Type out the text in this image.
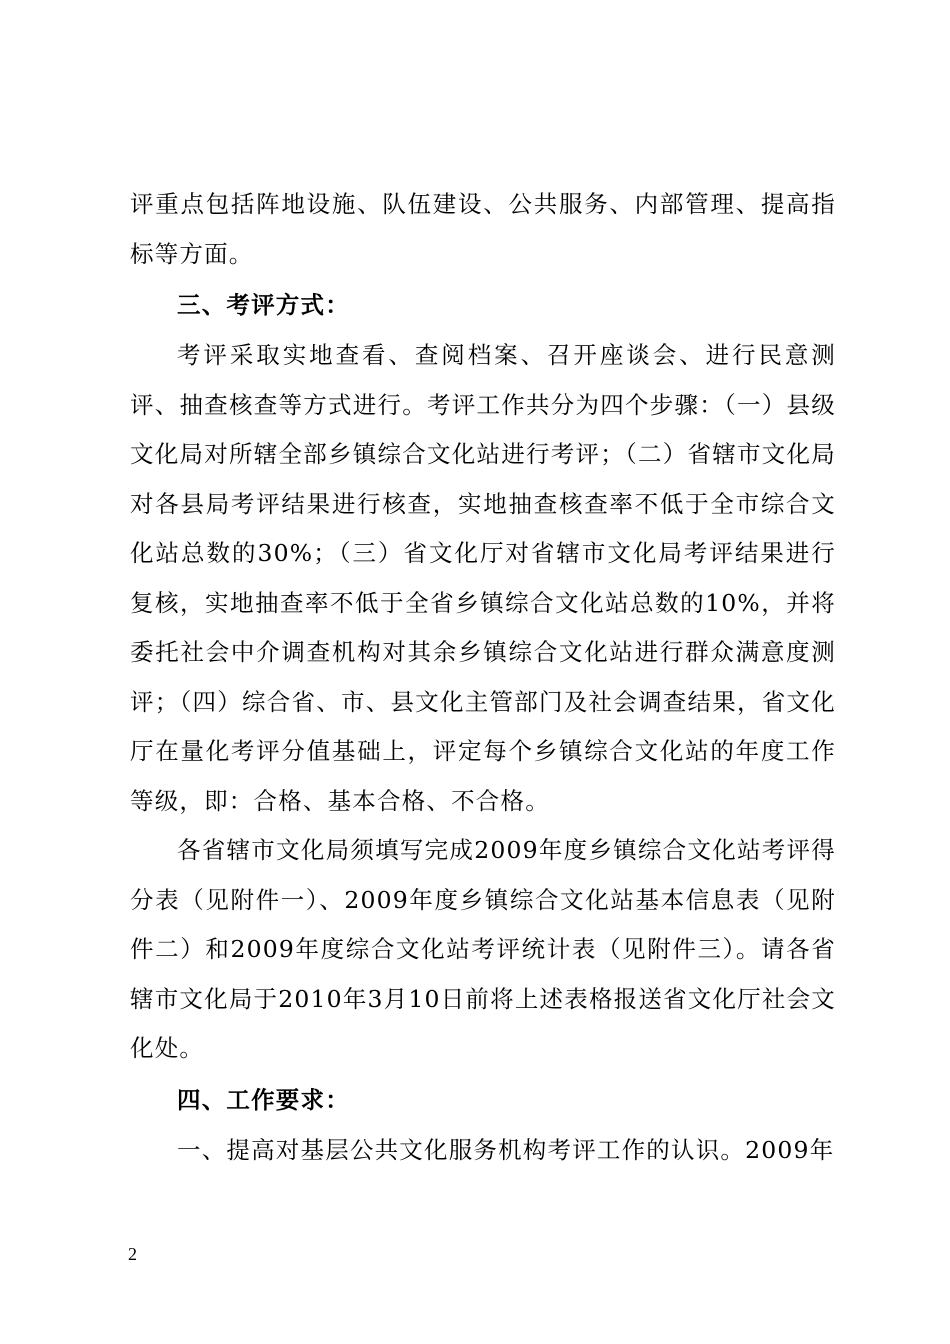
评重点包括阵地设施、队伍建设、公共服务、内部管理、提高指标等方面。

三、考评方式：

考评采取实地查看、查阅档案、召开座谈会、进行民意测评、抽查核查等方式进行。考评工作共分为四个步骤：（一）县级文化局对所辖全部乡镇综合文化站进行考评；（二）省辖市文化局对各县局考评结果进行核查，实地抽查核查率不低于全市综合文化站总数的30%；（三）省文化厅对省辖市文化局考评结果进行复核，实地抽查率不低于全省乡镇综合文化站总数的10%，并将委托社会中介调查机构对其余乡镇综合文化站进行群众满意度测评；（四）综合省、市、县文化主管部门及社会调查结果，省文化厅在量化考评分值基础上，评定每个乡镇综合文化站的年度工作等级，即：合格、基本合格、不合格。

各省辖市文化局须填写完成2009年度乡镇综合文化站考评得分表（见附件一）、2009年度乡镇综合文化站基本信息表（见附件二）和2009年度综合文化站考评统计表（见附件三）。请各省辖市文化局于2010年3月10日前将上述表格报送省文化厅社会文化处。

四、工作要求：

一、提高对基层公共文化服务机构考评工作的认识。2009年

2
